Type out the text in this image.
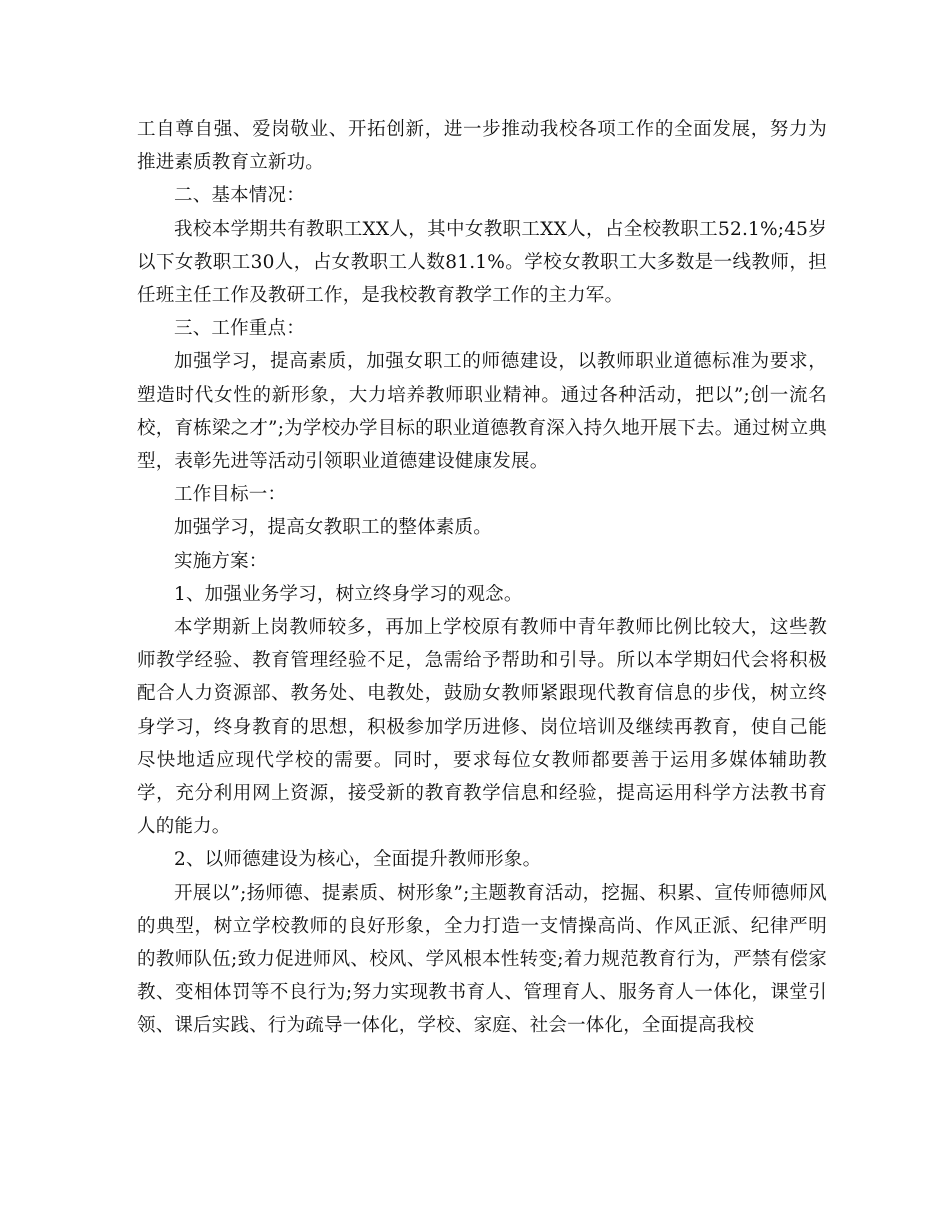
工自尊自强、爱岗敬业、开拓创新，进一步推动我校各项工作的全面发展，努力为推进素质教育立新功。

二、基本情况：

我校本学期共有教职工XX人，其中女教职工XX人，占全校教职工52.1%;45岁以下女教职工30人，占女教职工人数81.1%。学校女教职工大多数是一线教师，担任班主任工作及教研工作，是我校教育教学工作的主力军。

三、工作重点：

加强学习，提高素质，加强女职工的师德建设，以教师职业道德标准为要求，塑造时代女性的新形象，大力培养教师职业精神。通过各种活动，把以”;创一流名校，育栋梁之才”;为学校办学目标的职业道德教育深入持久地开展下去。通过树立典型，表彰先进等活动引领职业道德建设健康发展。

工作目标一：

加强学习，提高女教职工的整体素质。

实施方案：

1、加强业务学习，树立终身学习的观念。

本学期新上岗教师较多，再加上学校原有教师中青年教师比例比较大，这些教师教学经验、教育管理经验不足，急需给予帮助和引导。所以本学期妇代会将积极配合人力资源部、教务处、电教处，鼓励女教师紧跟现代教育信息的步伐，树立终身学习，终身教育的思想，积极参加学历进修、岗位培训及继续再教育，使自己能尽快地适应现代学校的需要。同时，要求每位女教师都要善于运用多媒体辅助教学，充分利用网上资源，接受新的教育教学信息和经验，提高运用科学方法教书育人的能力。

2、以师德建设为核心，全面提升教师形象。

开展以”;扬师德、提素质、树形象”;主题教育活动，挖掘、积累、宣传师德师风的典型，树立学校教师的良好形象，全力打造一支情操高尚、作风正派、纪律严明的教师队伍;致力促进师风、校风、学风根本性转变;着力规范教育行为，严禁有偿家教、变相体罚等不良行为;努力实现教书育人、管理育人、服务育人一体化，课堂引领、课后实践、行为疏导一体化，学校、家庭、社会一体化，全面提高我校
